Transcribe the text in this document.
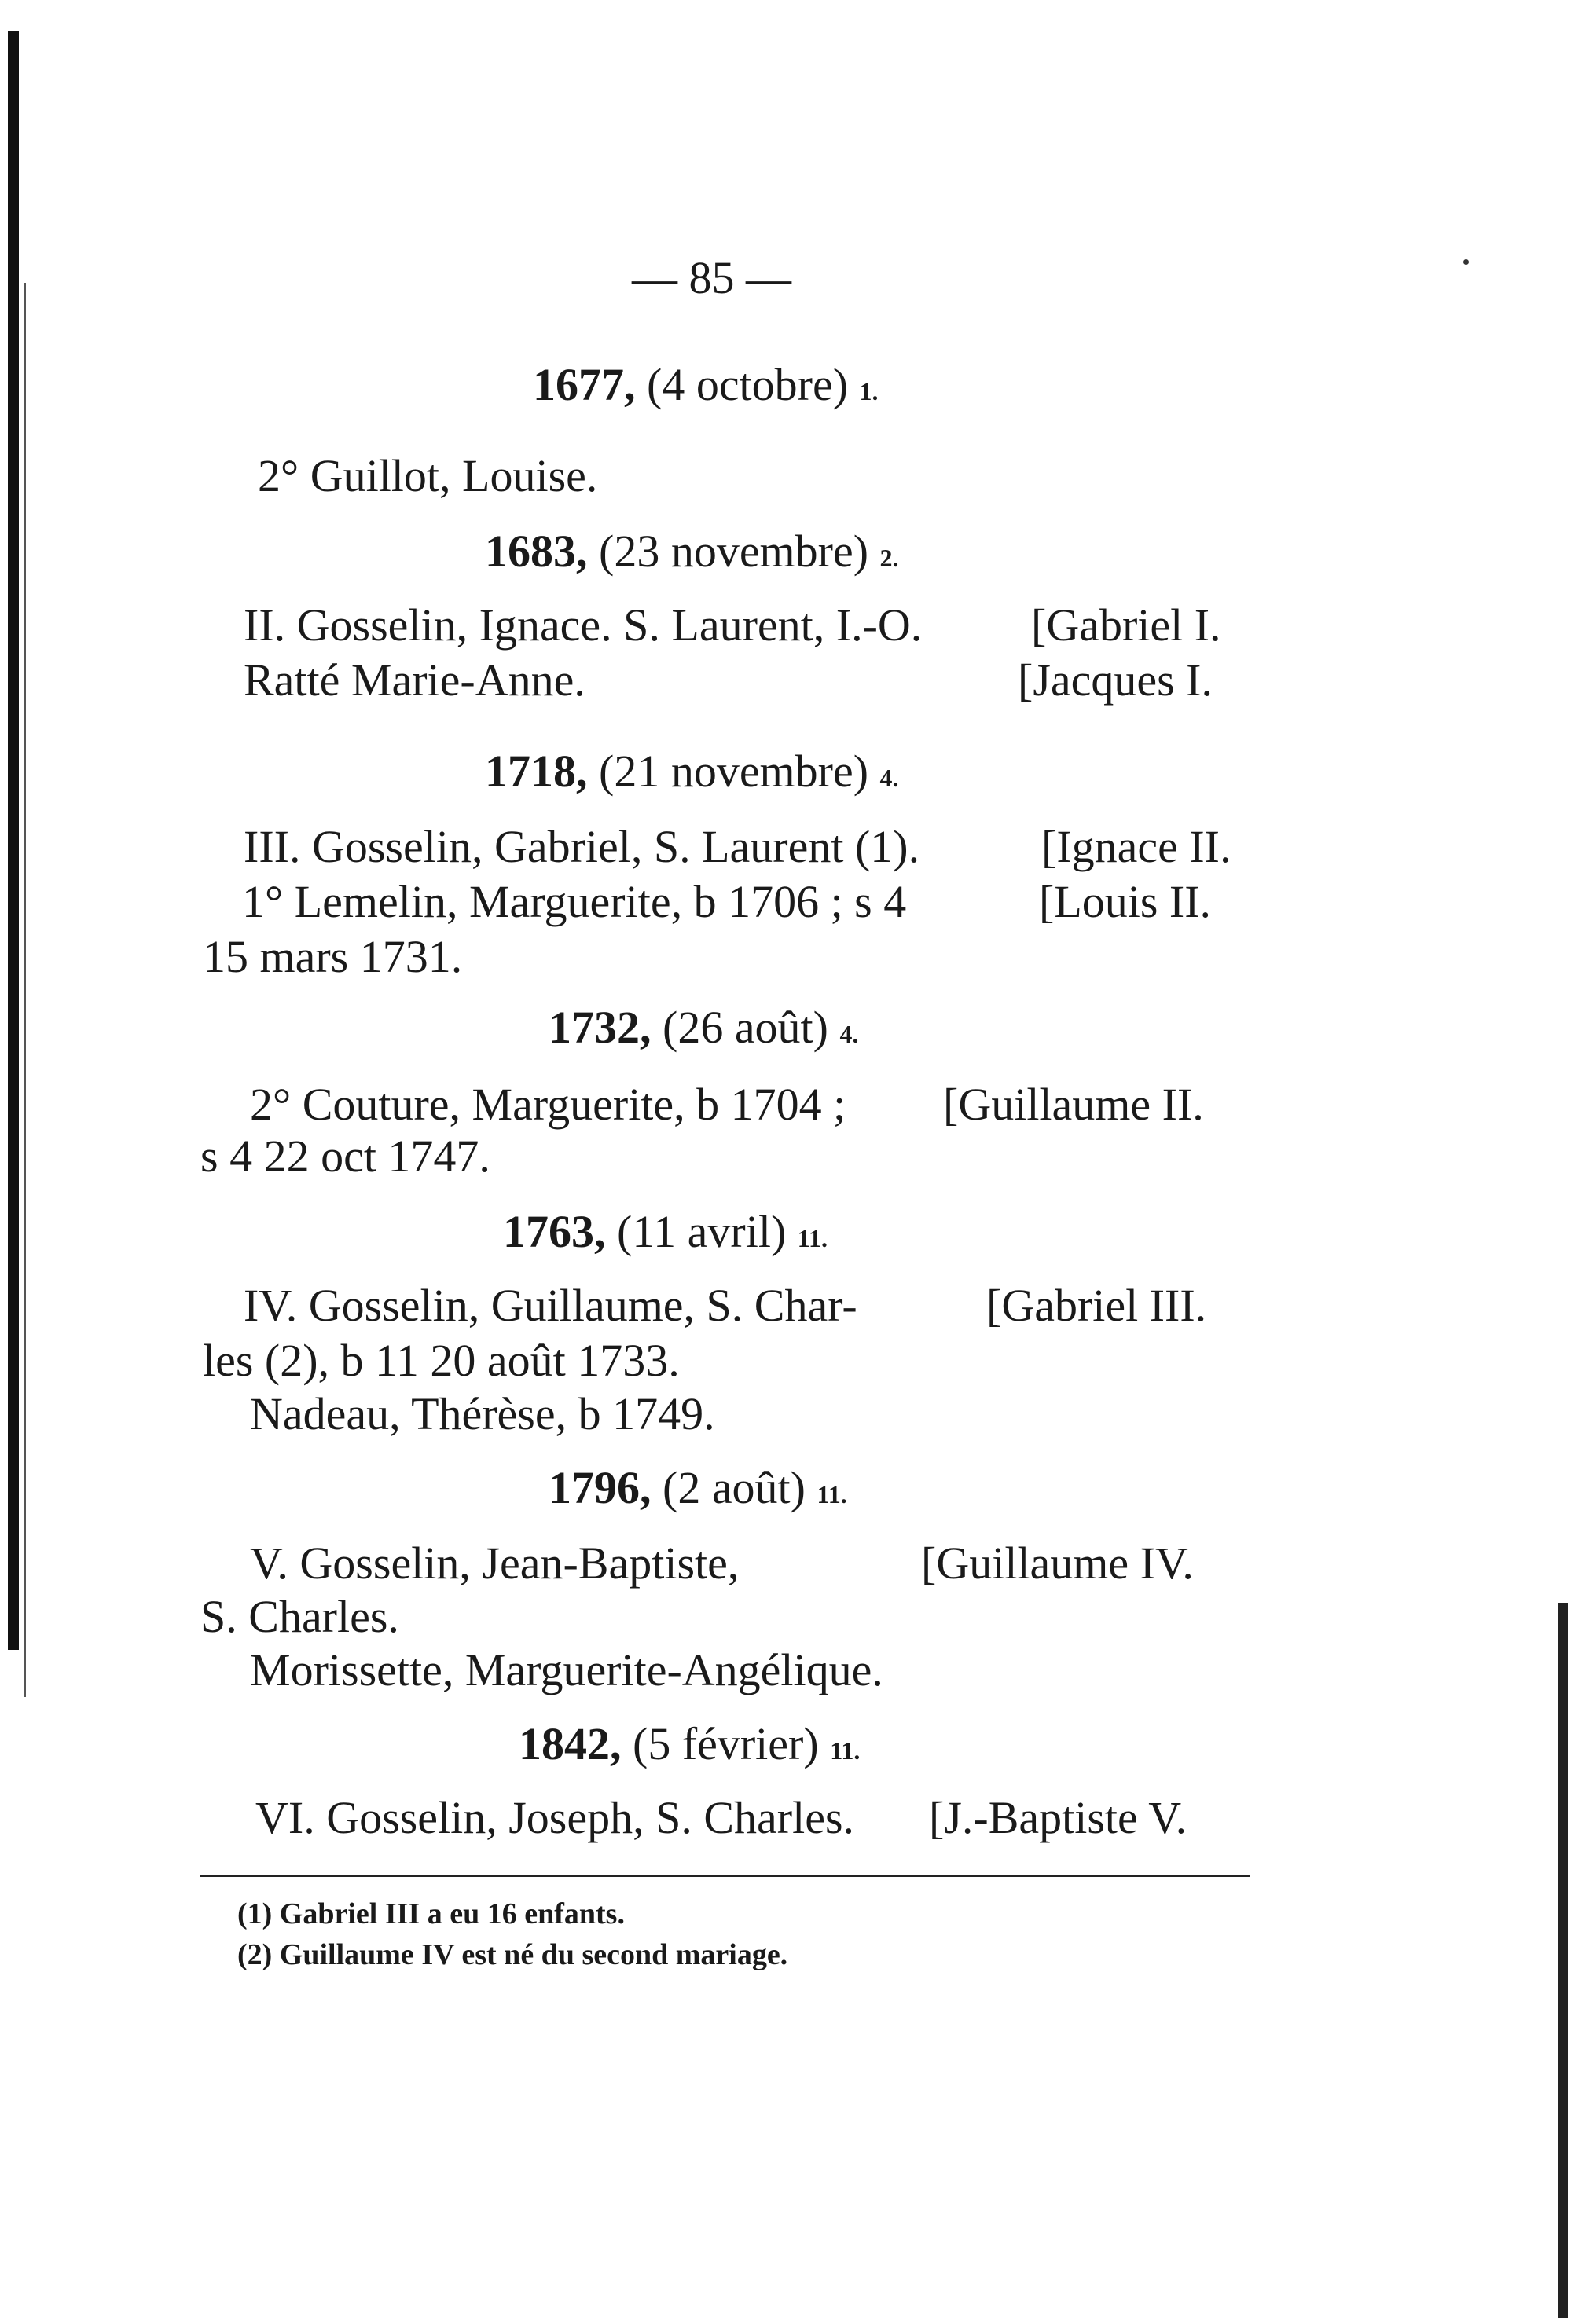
— 85 —
1677, (4 octobre) 1.
2° Guillot, Louise.
1683, (23 novembre) 2.
II. Gosselin, Ignace. S. Laurent, I.-O. [Gabriel I.
Ratté Marie-Anne.	[Jacques I.
1718, (21 novembre) 4.
III. Gosselin, Gabriel, S. Laurent (1).	[Ignace II.
1° Lemelin, Marguerite, b 1706 ; s 4	[Louis II.
15 mars 1731.
1732, (26 août) 4.
2° Couture, Marguerite, b 1704 ; [Guillaume II.
s 4 22 oct 1747.
1763, (11 avril) 11.
IV. Gosselin, Guillaume, S. Char-	[Gabriel III.
les (2), b 11 20 août 1733.
Nadeau, Thérèse, b 1749.
1796, (2 août) 11.
V. Gosselin, Jean-Baptiste,	[Guillaume IV.
S. Charles.
Morissette, Marguerite-Angélique.
1842, (5 février) 11.
VI. Gosselin, Joseph, S. Charles. [J.-Baptiste V.
(1) Gabriel III a eu 16 enfants.
(2) Guillaume IV est né du second mariage.
